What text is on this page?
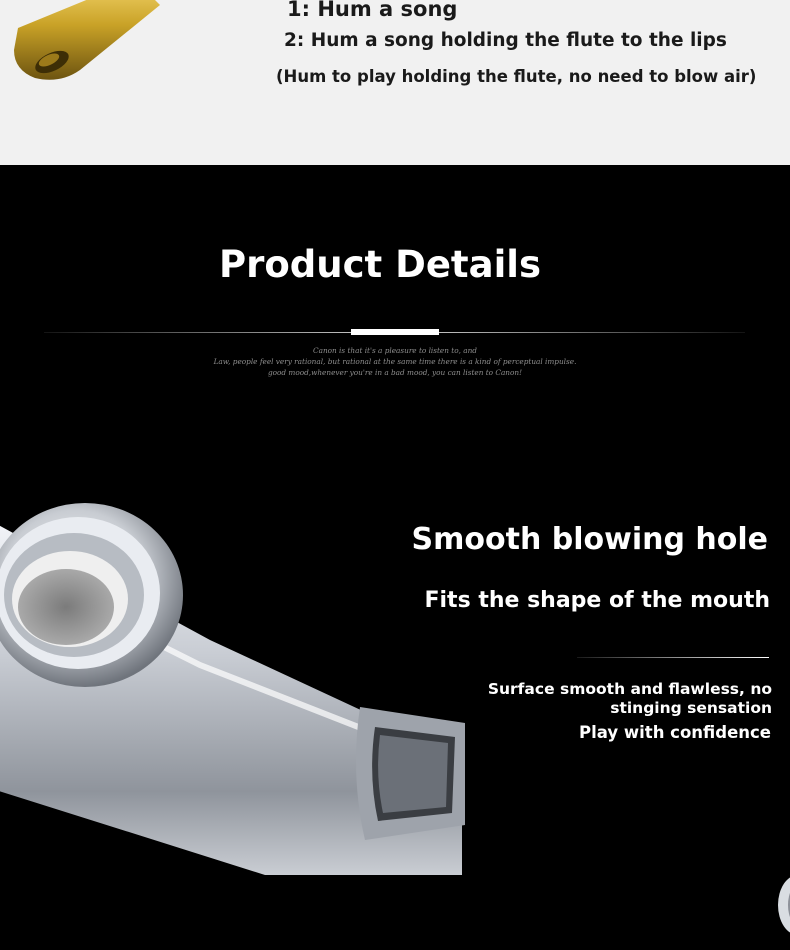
1: Hum a song
2: Hum a song holding the flute to the lips
(Hum to play holding the flute, no need to blow air)
Product Details
Canon is that it's a pleasure to listen to, and
Law, people feel very rational, but rational at the same time there is a kind of perceptual impulse.
good mood,whenever you're in a bad mood, you can listen to Canon!
Smooth blowing hole
Fits the shape of the mouth
Surface smooth and flawless, no
stinging sensation
Play with confidence
